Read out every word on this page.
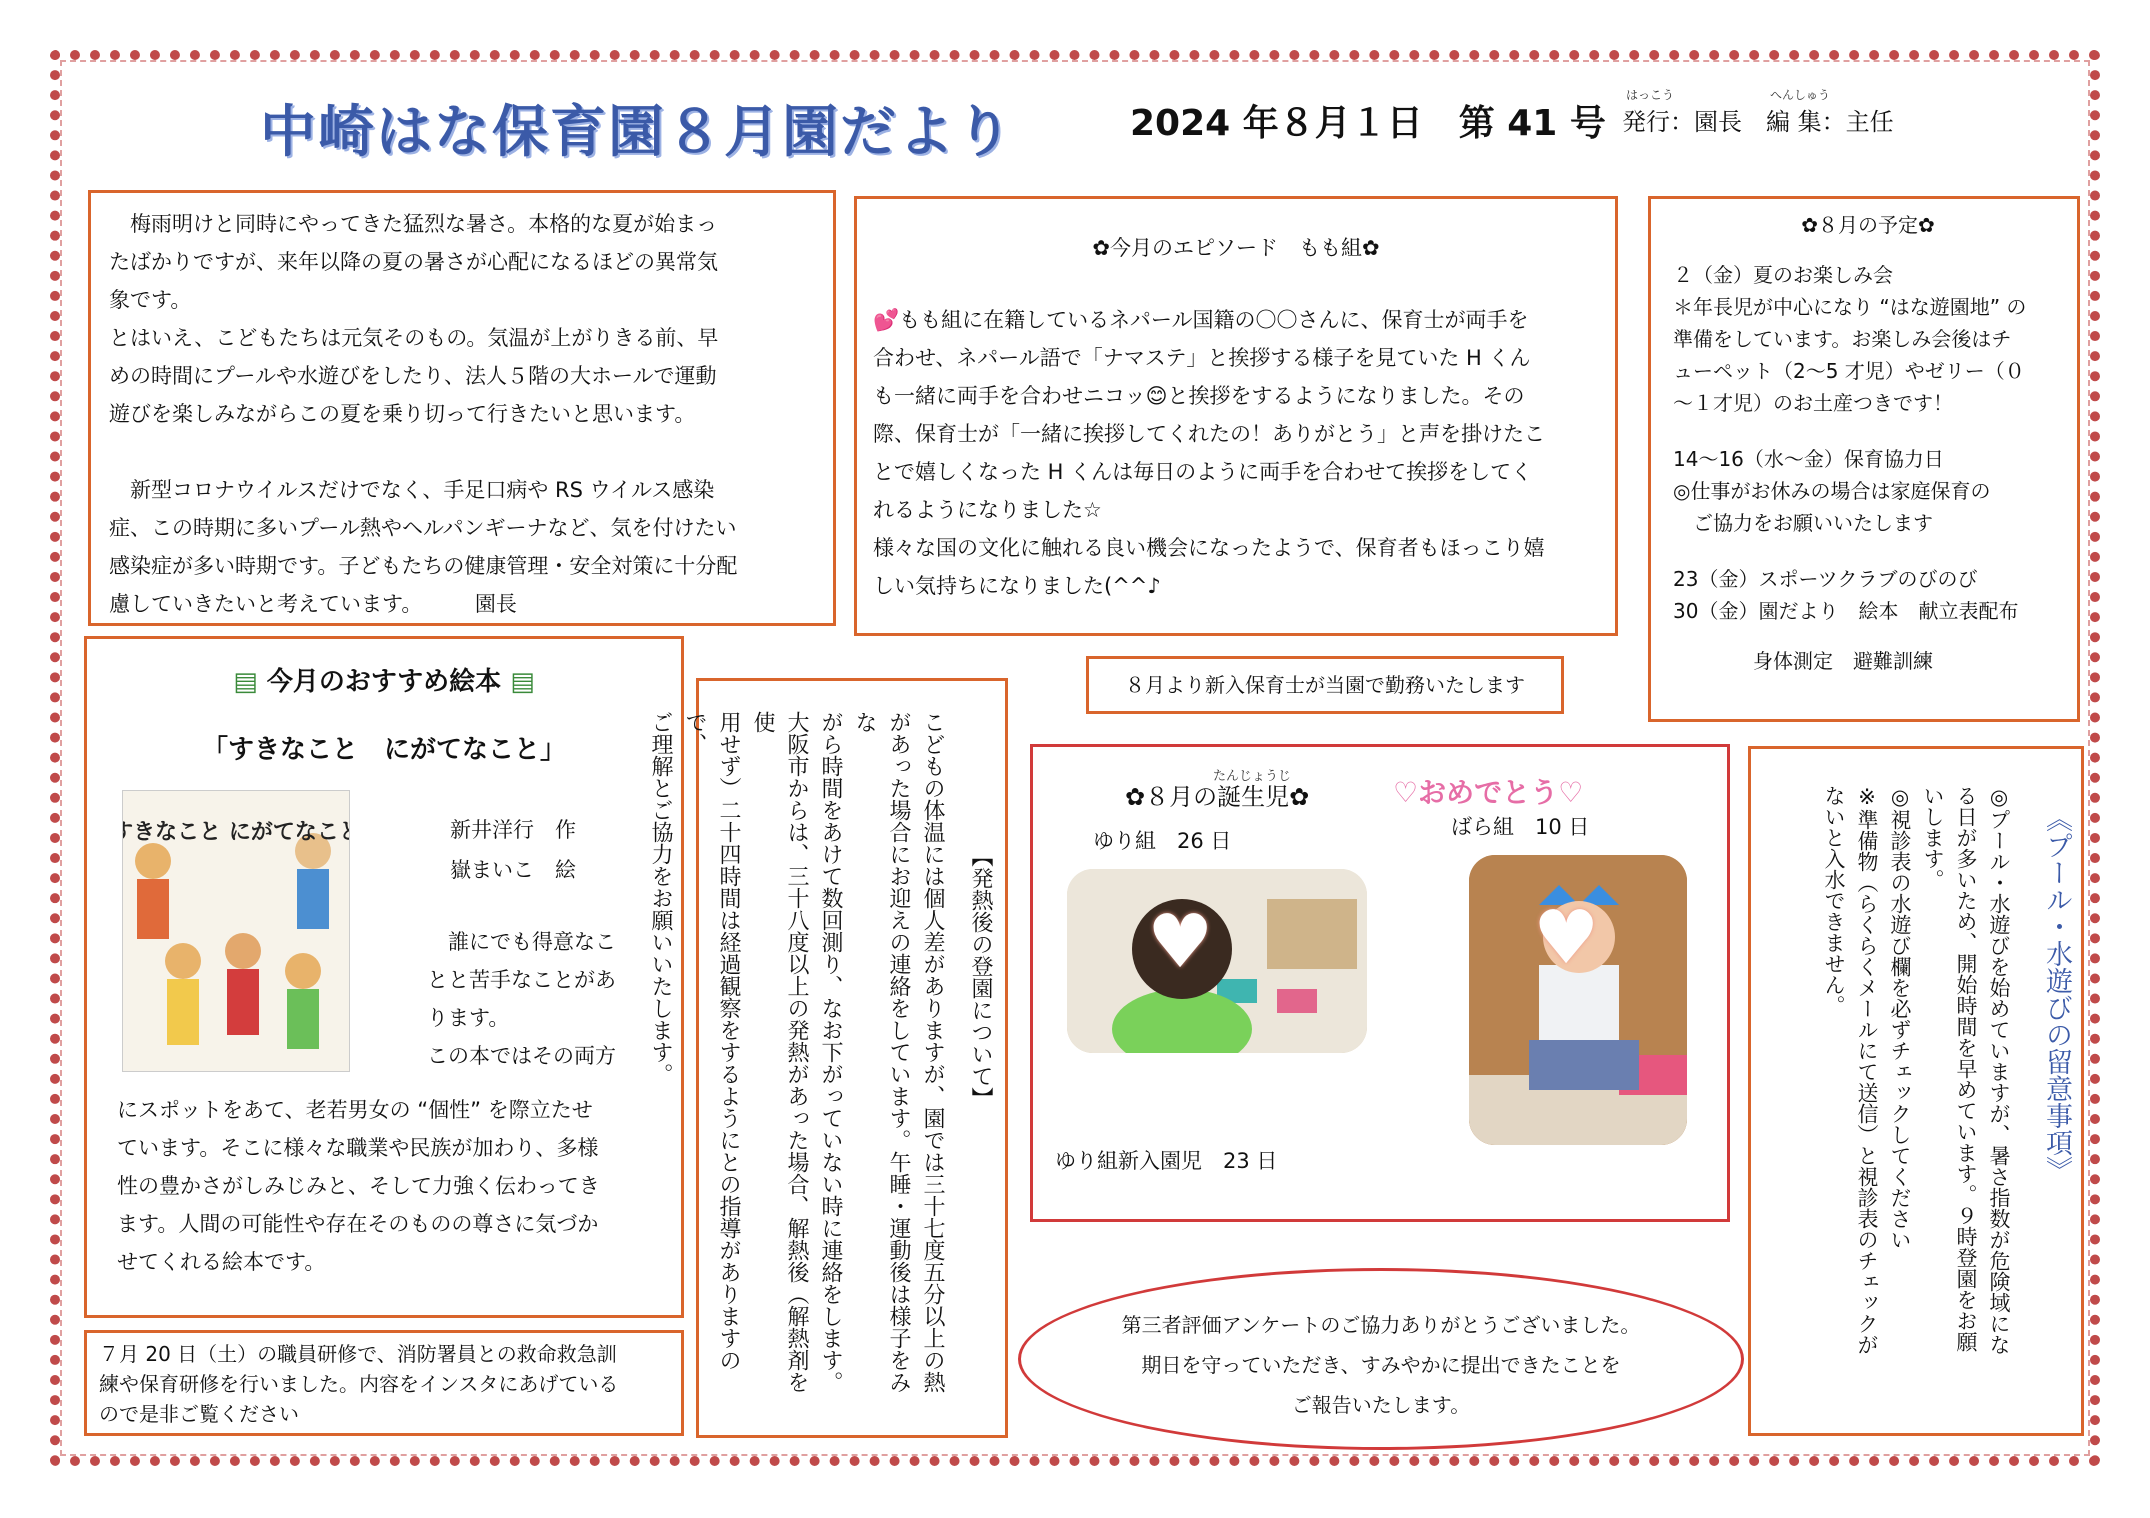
中崎はな保育園８月園だより	2024 年８月１日　第 41 号
はっこう	へんしゅう
発行：園長　編 集：主任
　梅雨明けと同時にやってきた猛烈な暑さ。本格的な夏が始まっ
たばかりですが、来年以降の夏の暑さが心配になるほどの異常気
象です。
とはいえ、こどもたちは元気そのもの。気温が上がりきる前、早
めの時間にプールや水遊びをしたり、法人５階の大ホールで運動
遊びを楽しみながらこの夏を乗り切って行きたいと思います。
　新型コロナウイルスだけでなく、手足口病や RS ウイルス感染
症、この時期に多いプール熱やヘルパンギーナなど、気を付けたい
感染症が多い時期です。子どもたちの健康管理・安全対策に十分配
慮していきたいと考えています。　　　園長
✿今月のエピソード　もも組✿
💕もも組に在籍しているネパール国籍の〇〇さんに、保育士が両手を
合わせ、ネパール語で「ナマステ」と挨拶する様子を見ていた H くん
も一緒に両手を合わせニコッ😊と挨拶をするようになりました。その
際、保育士が「一緒に挨拶してくれたの！ありがとう」と声を掛けたこ
とで嬉しくなった H くんは毎日のように両手を合わせて挨拶をしてく
れるようになりました☆
様々な国の文化に触れる良い機会になったようで、保育者もほっこり嬉
しい気持ちになりました(^^♪
✿８月の予定✿
２（金）夏のお楽しみ会
＊年長児が中心になり “はな遊園地” の
準備をしています。お楽しみ会後はチ
ューペット（2～5 才児）やゼリー（０
～１才児）のお土産つきです！
14～16（水～金）保育協力日
◎仕事がお休みの場合は家庭保育の
　ご協力をお願いいたします
23（金）スポーツクラブのびのび
30（金）園だより　絵本　献立表配布
　　　　身体測定　避難訓練
▤ 今月のおすすめ絵本 ▤
「すきなこと　にがてなこと」
新井洋行　作
嶽まいこ　絵
　誰にでも得意なこ
とと苦手なことがあ
ります。
この本ではその両方
にスポットをあて、老若男女の “個性” を際立たせ
ています。そこに様々な職業や民族が加わり、多様
性の豊かさがしみじみと、そして力強く伝わってき
ます。人間の可能性や存在そのものの尊さに気づか
せてくれる絵本です。
すきなこと にがてなこと
７月 20 日（土）の職員研修で、消防署員との救命救急訓
練や保育研修を行いました。内容をインスタにあげている
ので是非ご覧ください
【発熱後の登園について】
こどもの体温には個人差がありますが、園では三十七度五分以上の熱
があった場合にお迎えの連絡をしています。午睡・運動後は様子をみな
がら時間をあけて数回測り、なお下がっていない時に連絡をします。
大阪市からは、三十八度以上の発熱があった場合、解熱後（解熱剤を使
用せず）二十四時間は経過観察をするようにとの指導がありますので、
ご理解とご協力をお願いいたします。
８月より新入保育士が当園で勤務いたします
たんじょうじ
✿８月の誕生児✿	♡おめでとう♡
ゆり組　26 日
ばら組　10 日
♥	♥
ゆり組新入園児　23 日
第三者評価アンケートのご協力ありがとうございました。
期日を守っていただき、すみやかに提出できたことを
ご報告いたします。
《プール・水遊びの留意事項》
◎プール・水遊びを始めていますが、暑さ指数が危険域にな
る日が多いため、開始時間を早めています。９時登園をお願
いします。
◎視診表の水遊び欄を必ずチェックしてください
※準備物（らくらくメールにて送信）と視診表のチェックが
ないと入水できません。
